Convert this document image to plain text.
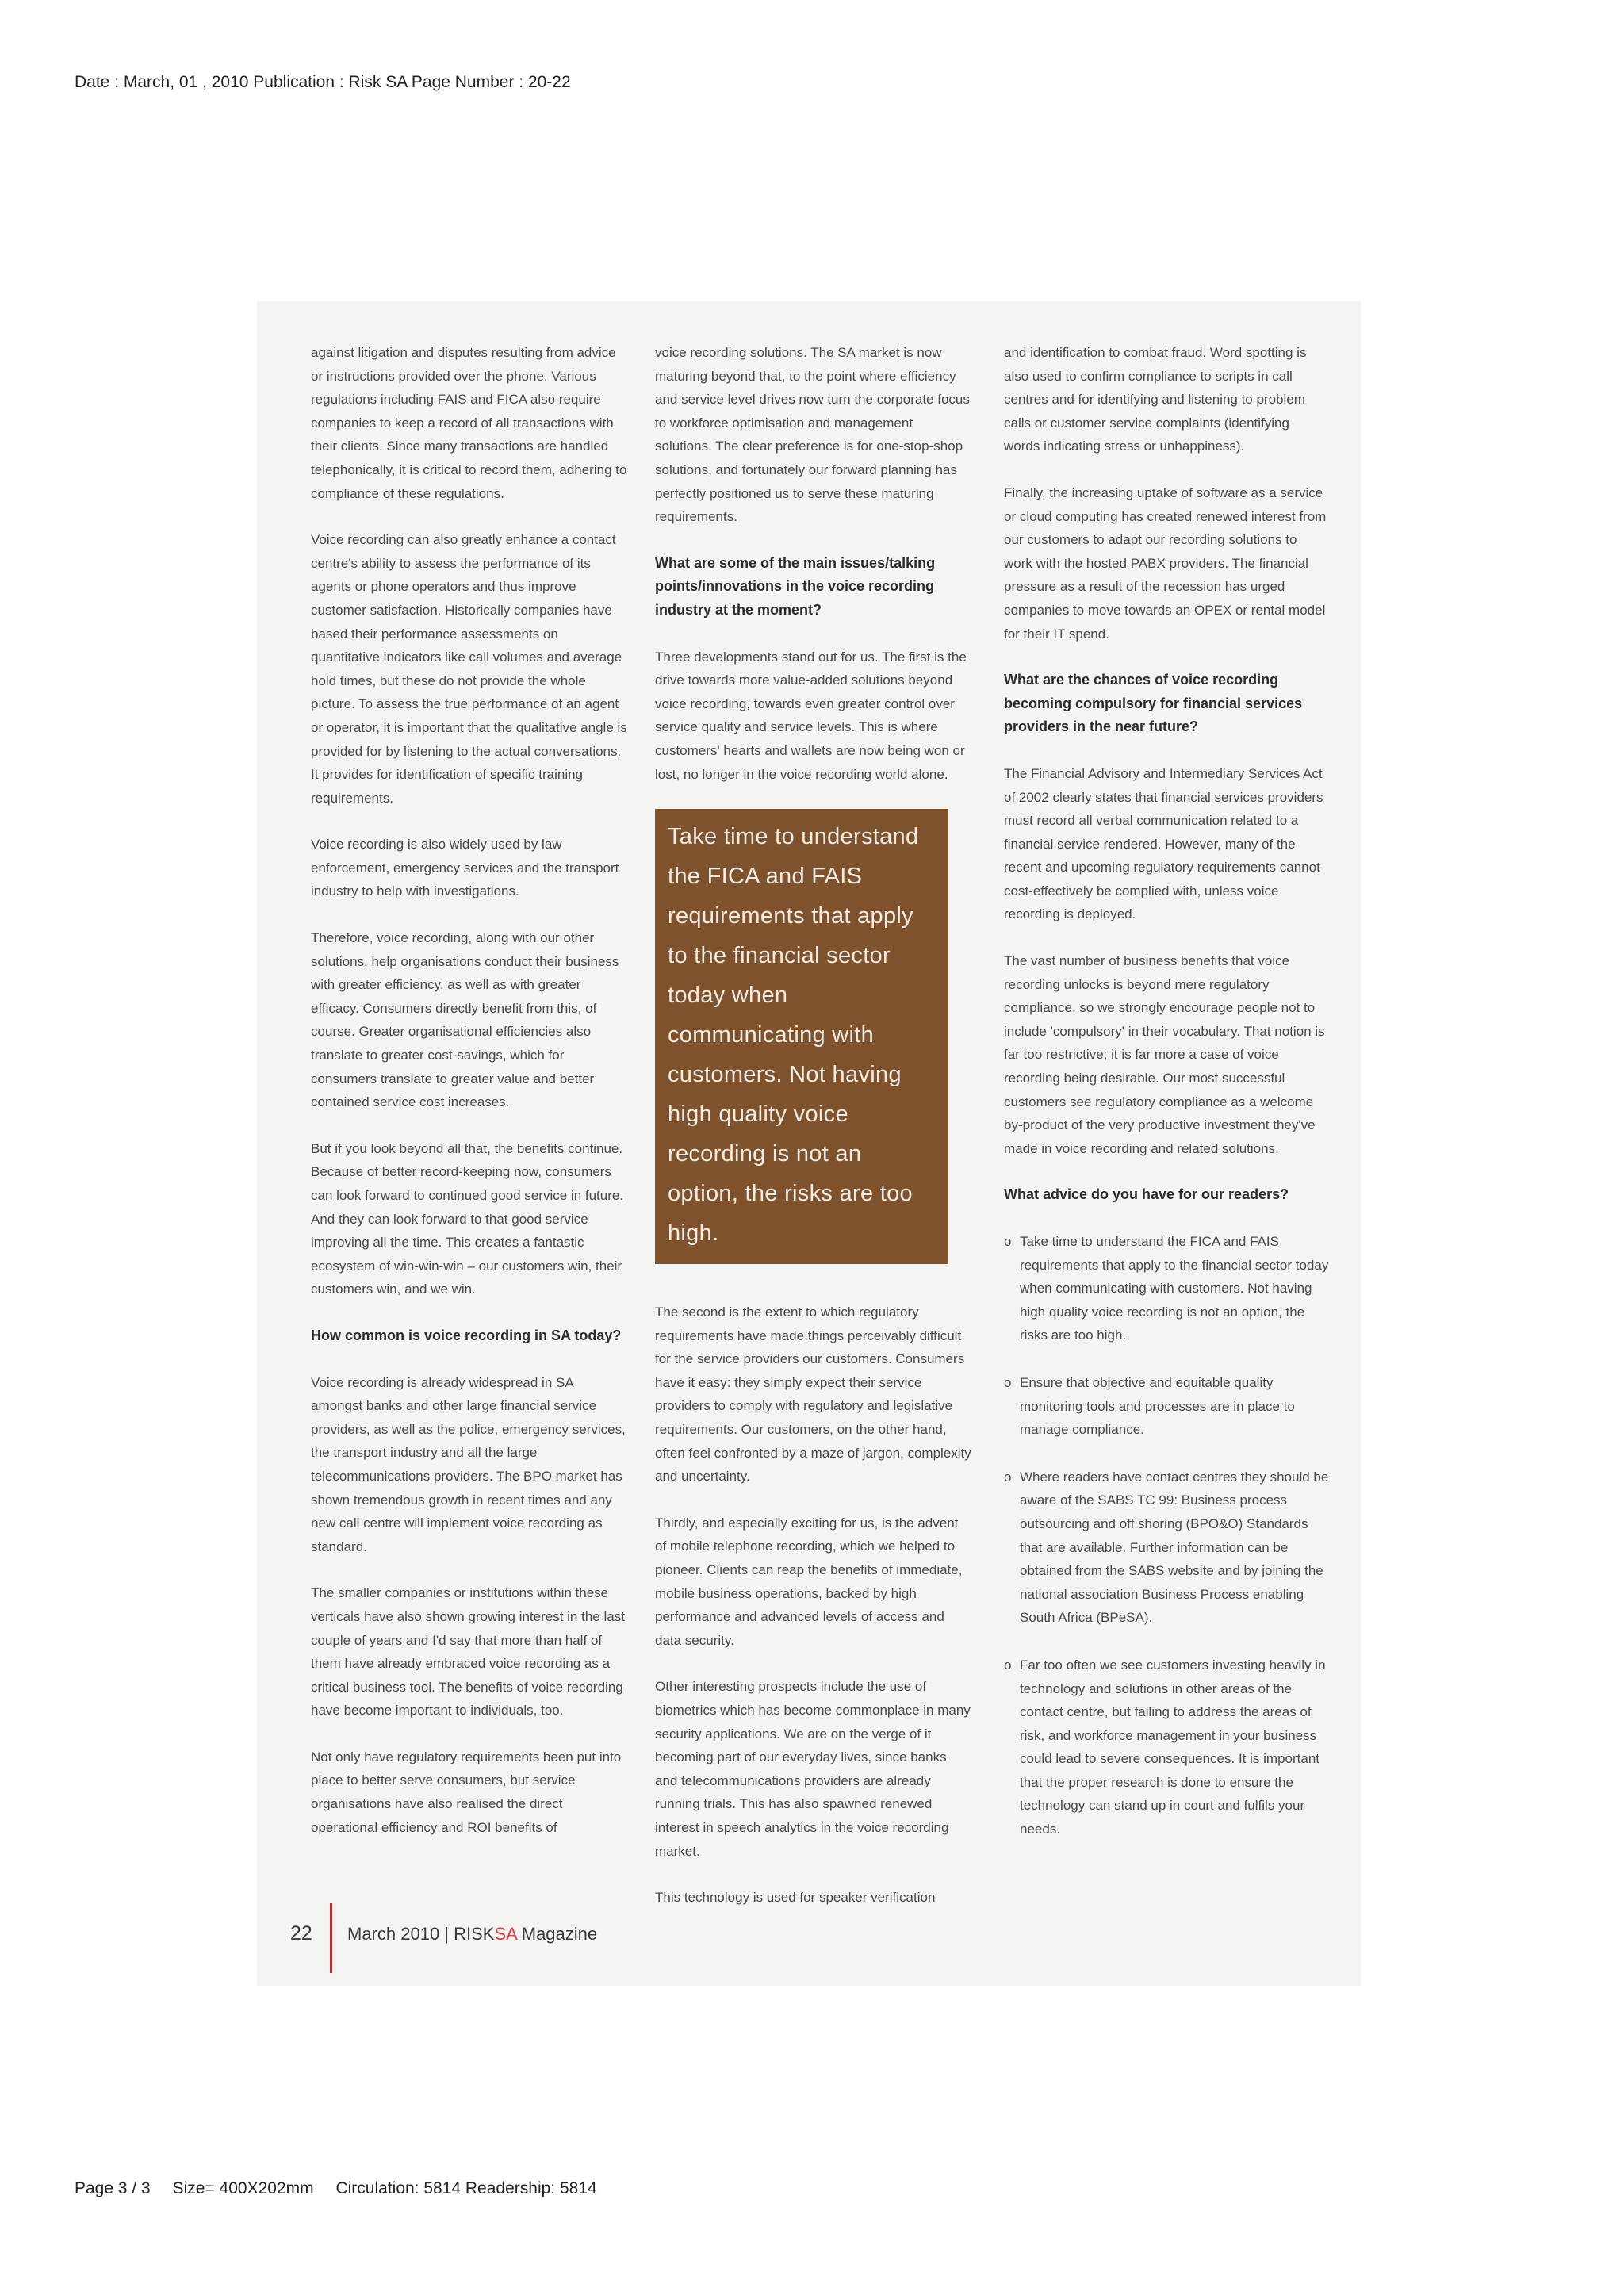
Date : March, 01 , 2010 Publication : Risk SA Page Number : 20-22

against litigation and disputes resulting from advice or instructions provided over the phone. Various regulations including FAIS and FICA also require companies to keep a record of all transactions with their clients. Since many transactions are handled telephonically, it is critical to record them, adhering to compliance of these regulations.

Voice recording can also greatly enhance a contact centre's ability to assess the performance of its agents or phone operators and thus improve customer satisfaction. Historically companies have based their performance assessments on quantitative indicators like call volumes and average hold times, but these do not provide the whole picture. To assess the true performance of an agent or operator, it is important that the qualitative angle is provided for by listening to the actual conversations. It provides for identification of specific training requirements.

Voice recording is also widely used by law enforcement, emergency services and the transport industry to help with investigations.

Therefore, voice recording, along with our other solutions, help organisations conduct their business with greater efficiency, as well as with greater efficacy. Consumers directly benefit from this, of course. Greater organisational efficiencies also translate to greater cost-savings, which for consumers translate to greater value and better contained service cost increases.

But if you look beyond all that, the benefits continue. Because of better record-keeping now, consumers can look forward to continued good service in future. And they can look forward to that good service improving all the time. This creates a fantastic ecosystem of win-win-win – our customers win, their customers win, and we win.

How common is voice recording in SA today?

Voice recording is already widespread in SA amongst banks and other large financial service providers, as well as the police, emergency services, the transport industry and all the large telecommunications providers. The BPO market has shown tremendous growth in recent times and any new call centre will implement voice recording as standard.

The smaller companies or institutions within these verticals have also shown growing interest in the last couple of years and I'd say that more than half of them have already embraced voice recording as a critical business tool. The benefits of voice recording have become important to individuals, too.

Not only have regulatory requirements been put into place to better serve consumers, but service organisations have also realised the direct operational efficiency and ROI benefits of

voice recording solutions. The SA market is now maturing beyond that, to the point where efficiency and service level drives now turn the corporate focus to workforce optimisation and management solutions. The clear preference is for one-stop-shop solutions, and fortunately our forward planning has perfectly positioned us to serve these maturing requirements.

What are some of the main issues/talking points/innovations in the voice recording industry at the moment?

Three developments stand out for us. The first is the drive towards more value-added solutions beyond voice recording, towards even greater control over service quality and service levels. This is where customers' hearts and wallets are now being won or lost, no longer in the voice recording world alone.

Take time to understand the FICA and FAIS requirements that apply to the financial sector today when communicating with customers. Not having high quality voice recording is not an option, the risks are too high.

The second is the extent to which regulatory requirements have made things perceivably difficult for the service providers our customers. Consumers have it easy: they simply expect their service providers to comply with regulatory and legislative requirements. Our customers, on the other hand, often feel confronted by a maze of jargon, complexity and uncertainty.

Thirdly, and especially exciting for us, is the advent of mobile telephone recording, which we helped to pioneer. Clients can reap the benefits of immediate, mobile business operations, backed by high performance and advanced levels of access and data security.

Other interesting prospects include the use of biometrics which has become commonplace in many security applications. We are on the verge of it becoming part of our everyday lives, since banks and telecommunications providers are already running trials. This has also spawned renewed interest in speech analytics in the voice recording market.

This technology is used for speaker verification

and identification to combat fraud. Word spotting is also used to confirm compliance to scripts in call centres and for identifying and listening to problem calls or customer service complaints (identifying words indicating stress or unhappiness).

Finally, the increasing uptake of software as a service or cloud computing has created renewed interest from our customers to adapt our recording solutions to work with the hosted PABX providers. The financial pressure as a result of the recession has urged companies to move towards an OPEX or rental model for their IT spend.

What are the chances of voice recording becoming compulsory for financial services providers in the near future?

The Financial Advisory and Intermediary Services Act of 2002 clearly states that financial services providers must record all verbal communication related to a financial service rendered. However, many of the recent and upcoming regulatory requirements cannot cost-effectively be complied with, unless voice recording is deployed.

The vast number of business benefits that voice recording unlocks is beyond mere regulatory compliance, so we strongly encourage people not to include 'compulsory' in their vocabulary. That notion is far too restrictive; it is far more a case of voice recording being desirable. Our most successful customers see regulatory compliance as a welcome by-product of the very productive investment they've made in voice recording and related solutions.

What advice do you have for our readers?
o Take time to understand the FICA and FAIS requirements that apply to the financial sector today when communicating with customers. Not having high quality voice recording is not an option, the risks are too high.
o Ensure that objective and equitable quality monitoring tools and processes are in place to manage compliance.
o Where readers have contact centres they should be aware of the SABS TC 99: Business process outsourcing and off shoring (BPO&O) Standards that are available. Further information can be obtained from the SABS website and by joining the national association Business Process enabling South Africa (BPeSA).
o Far too often we see customers investing heavily in technology and solutions in other areas of the contact centre, but failing to address the areas of risk, and workforce management in your business could lead to severe consequences. It is important that the proper research is done to ensure the technology can stand up in court and fulfils your needs.
22 March 2010 | RISKSA Magazine
Page 3 / 3 Size= 400X202mm Circulation: 5814 Readership: 5814
